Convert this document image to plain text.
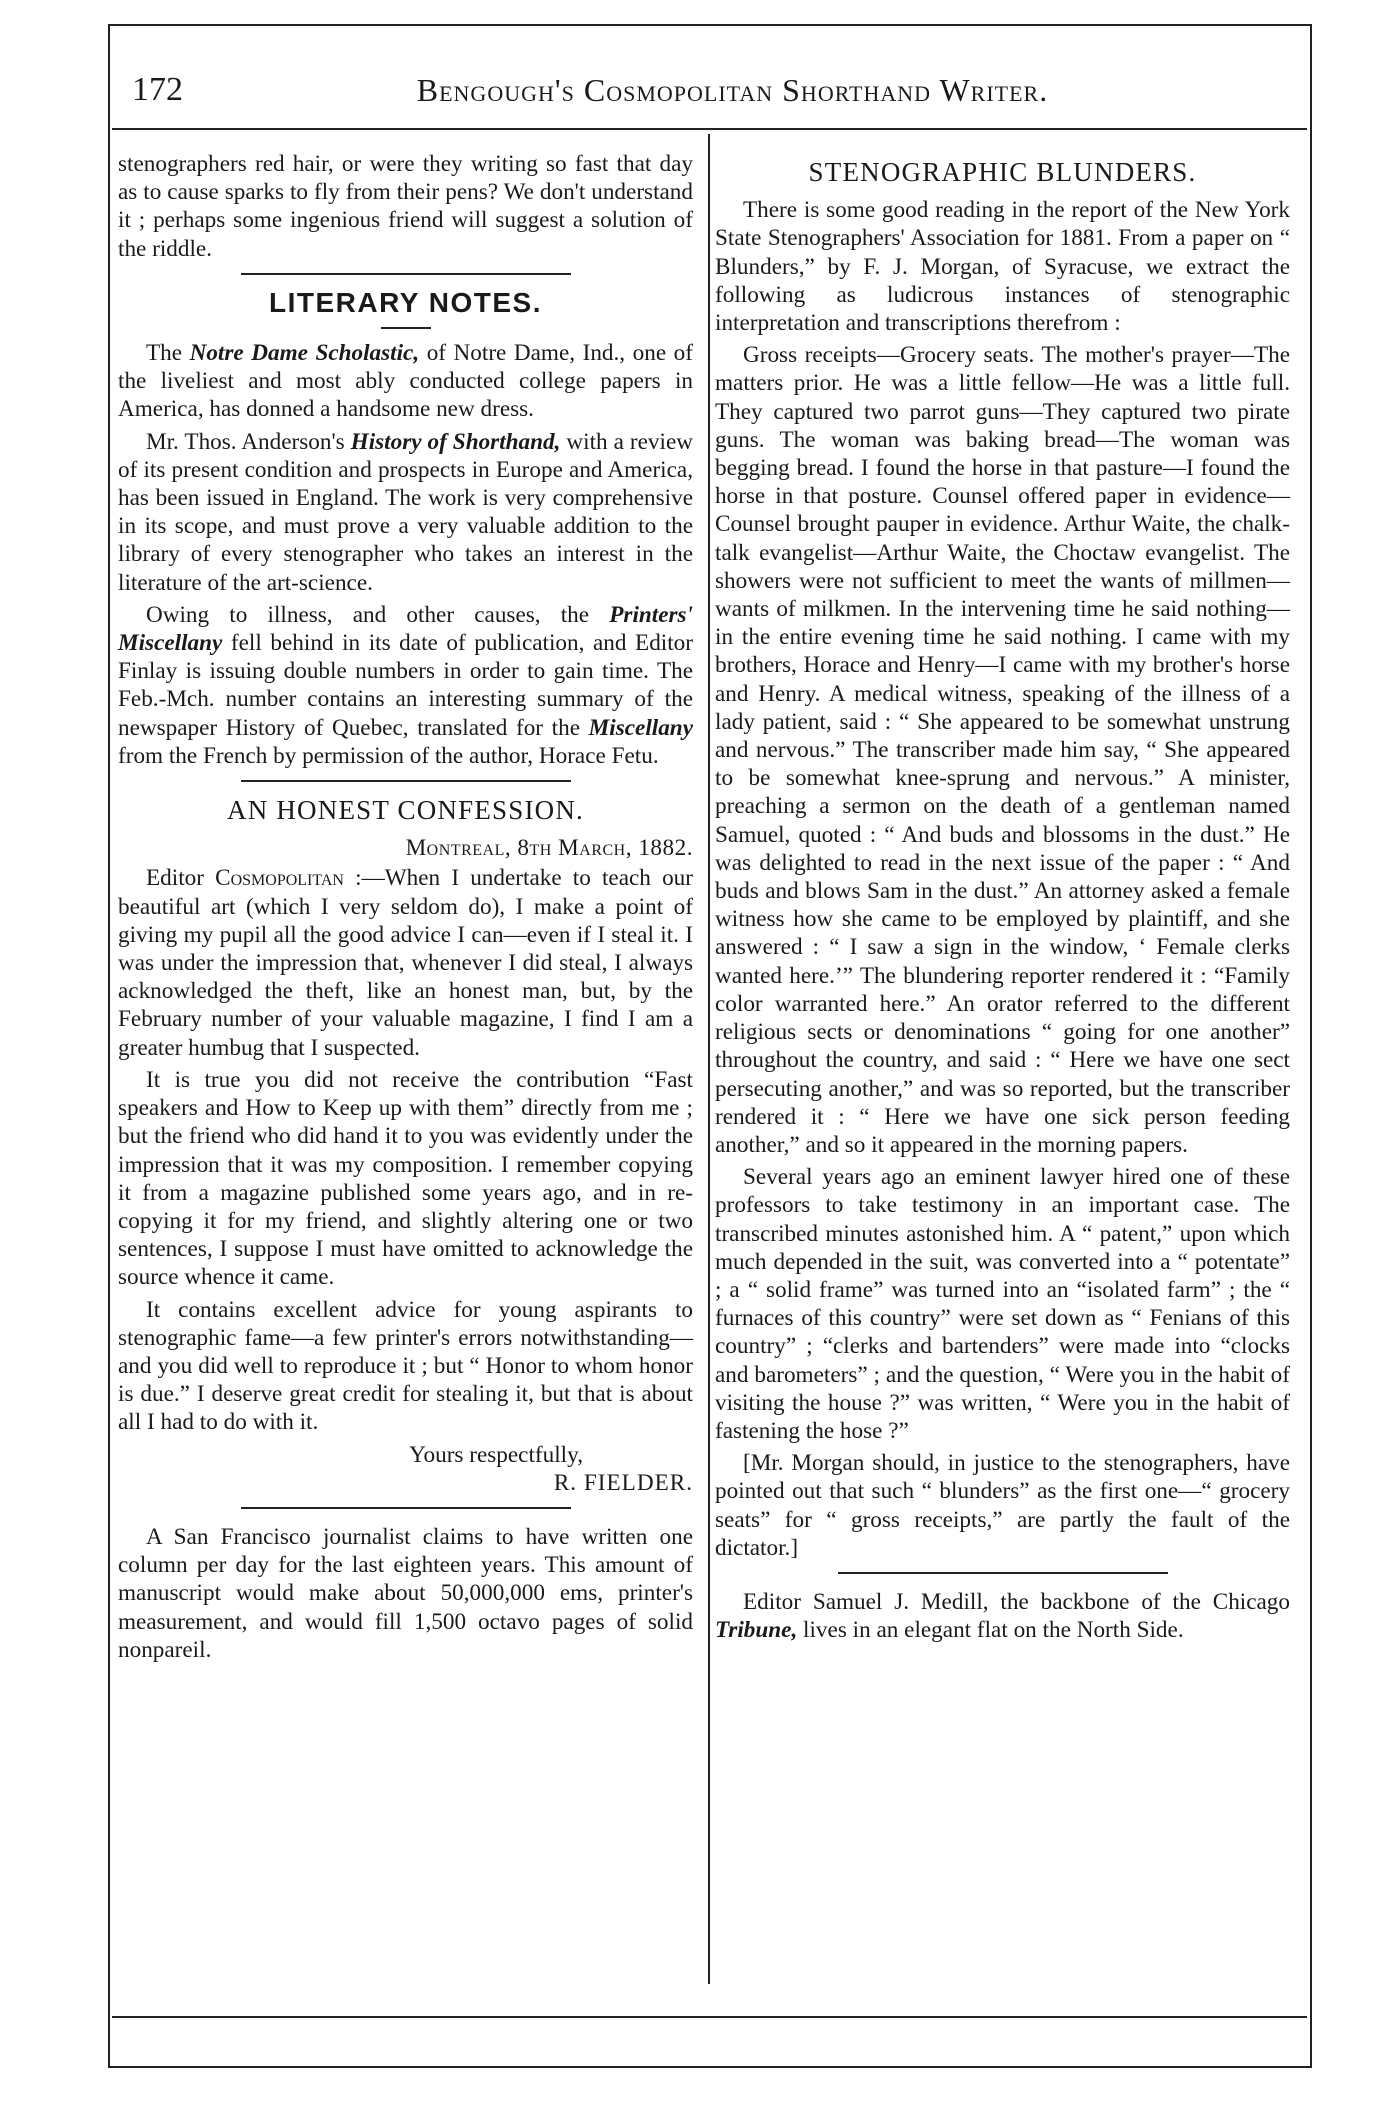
172	Bengough's Cosmopolitan Shorthand Writer.

stenographers red hair, or were they writing so fast that day as to cause sparks to fly from their pens? We don't understand it ; perhaps some ingenious friend will suggest a solution of the riddle.

LITERARY NOTES.

The Notre Dame Scholastic, of Notre Dame, Ind., one of the liveliest and most ably conducted college papers in America, has donned a handsome new dress.

Mr. Thos. Anderson's History of Shorthand, with a review of its present condition and prospects in Europe and America, has been issued in England. The work is very comprehensive in its scope, and must prove a very valuable addition to the library of every stenographer who takes an interest in the literature of the art-science.

Owing to illness, and other causes, the Printers' Miscellany fell behind in its date of publication, and Editor Finlay is issuing double numbers in order to gain time. The Feb.-Mch. number contains an interesting summary of the newspaper History of Quebec, translated for the Miscellany from the French by permission of the author, Horace Fetu.

AN HONEST CONFESSION.
Montreal, 8th March, 1882.

Editor Cosmopolitan :—When I undertake to teach our beautiful art (which I very seldom do), I make a point of giving my pupil all the good advice I can—even if I steal it. I was under the impression that, whenever I did steal, I always acknowledged the theft, like an honest man, but, by the February number of your valuable magazine, I find I am a greater humbug that I suspected.

It is true you did not receive the contribution “Fast speakers and How to Keep up with them” directly from me ; but the friend who did hand it to you was evidently under the impression that it was my composition. I remember copying it from a magazine published some years ago, and in re-copying it for my friend, and slightly altering one or two sentences, I suppose I must have omitted to acknowledge the source whence it came.

It contains excellent advice for young aspirants to stenographic fame—a few printer's errors notwithstanding—and you did well to reproduce it ; but “ Honor to whom honor is due.” I deserve great credit for stealing it, but that is about all I had to do with it.

Yours respectfully,
R. FIELDER.

A San Francisco journalist claims to have written one column per day for the last eighteen years. This amount of manuscript would make about 50,000,000 ems, printer's measurement, and would fill 1,500 octavo pages of solid nonpareil.

STENOGRAPHIC BLUNDERS.

There is some good reading in the report of the New York State Stenographers' Association for 1881. From a paper on “ Blunders,” by F. J. Morgan, of Syracuse, we extract the following as ludicrous instances of stenographic interpretation and transcriptions therefrom :

Gross receipts—Grocery seats. The mother's prayer—The matters prior. He was a little fellow—He was a little full. They captured two parrot guns—They captured two pirate guns. The woman was baking bread—The woman was begging bread. I found the horse in that pasture—I found the horse in that posture. Counsel offered paper in evidence—Counsel brought pauper in evidence. Arthur Waite, the chalk-talk evangelist—Arthur Waite, the Choctaw evangelist. The showers were not sufficient to meet the wants of millmen—wants of milkmen. In the intervening time he said nothing—in the entire evening time he said nothing. I came with my brothers, Horace and Henry—I came with my brother's horse and Henry. A medical witness, speaking of the illness of a lady patient, said : “ She appeared to be somewhat unstrung and nervous.” The transcriber made him say, “ She appeared to be somewhat knee-sprung and nervous.” A minister, preaching a sermon on the death of a gentleman named Samuel, quoted : “ And buds and blossoms in the dust.” He was delighted to read in the next issue of the paper : “ And buds and blows Sam in the dust.” An attorney asked a female witness how she came to be employed by plaintiff, and she answered : “ I saw a sign in the window, ‘ Female clerks wanted here.’” The blundering reporter rendered it : “Family color warranted here.” An orator referred to the different religious sects or denominations “ going for one another” throughout the country, and said : “ Here we have one sect persecuting another,” and was so reported, but the transcriber rendered it : “ Here we have one sick person feeding another,” and so it appeared in the morning papers.

Several years ago an eminent lawyer hired one of these professors to take testimony in an important case. The transcribed minutes astonished him. A “ patent,” upon which much depended in the suit, was converted into a “ potentate” ; a “ solid frame” was turned into an “isolated farm” ; the “ furnaces of this country” were set down as “ Fenians of this country” ; “clerks and bartenders” were made into “clocks and barometers” ; and the question, “ Were you in the habit of visiting the house ?” was written, “ Were you in the habit of fastening the hose ?”

[Mr. Morgan should, in justice to the stenographers, have pointed out that such “ blunders” as the first one—“ grocery seats” for “ gross receipts,” are partly the fault of the dictator.]

Editor Samuel J. Medill, the backbone of the Chicago Tribune, lives in an elegant flat on the North Side.
